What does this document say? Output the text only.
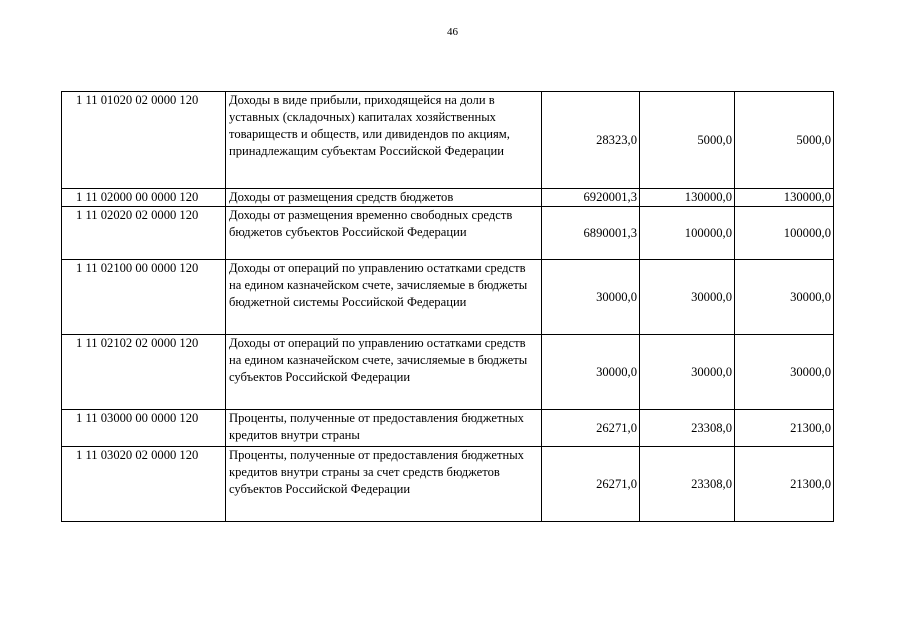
46
1 11 01020 02 0000 120	Доходы в виде прибыли, приходящейся на доли в уставных (складочных) капиталах хозяйственных товариществ и обществ, или дивидендов по акциям, принадлежащим субъектам Российской Федерации	28323,0	5000,0	5000,0
1 11 02000 00 0000 120	Доходы от размещения средств бюджетов	6920001,3	130000,0	130000,0
1 11 02020 02 0000 120	Доходы от размещения временно свободных средств бюджетов субъектов Российской Федерации	6890001,3	100000,0	100000,0
1 11 02100 00 0000 120	Доходы от операций по управлению остатками средств на едином казначейском счете, зачисляемые в бюджеты бюджетной системы Российской Федерации	30000,0	30000,0	30000,0
1 11 02102 02 0000 120	Доходы от операций по управлению остатками средств на едином казначейском счете, зачисляемые в бюджеты субъектов Российской Федерации	30000,0	30000,0	30000,0
1 11 03000 00 0000 120	Проценты, полученные от предоставления бюджетных кредитов внутри страны	26271,0	23308,0	21300,0
1 11 03020 02 0000 120	Проценты, полученные от предоставления бюджетных кредитов внутри страны за счет средств бюджетов субъектов Российской Федерации	26271,0	23308,0	21300,0
